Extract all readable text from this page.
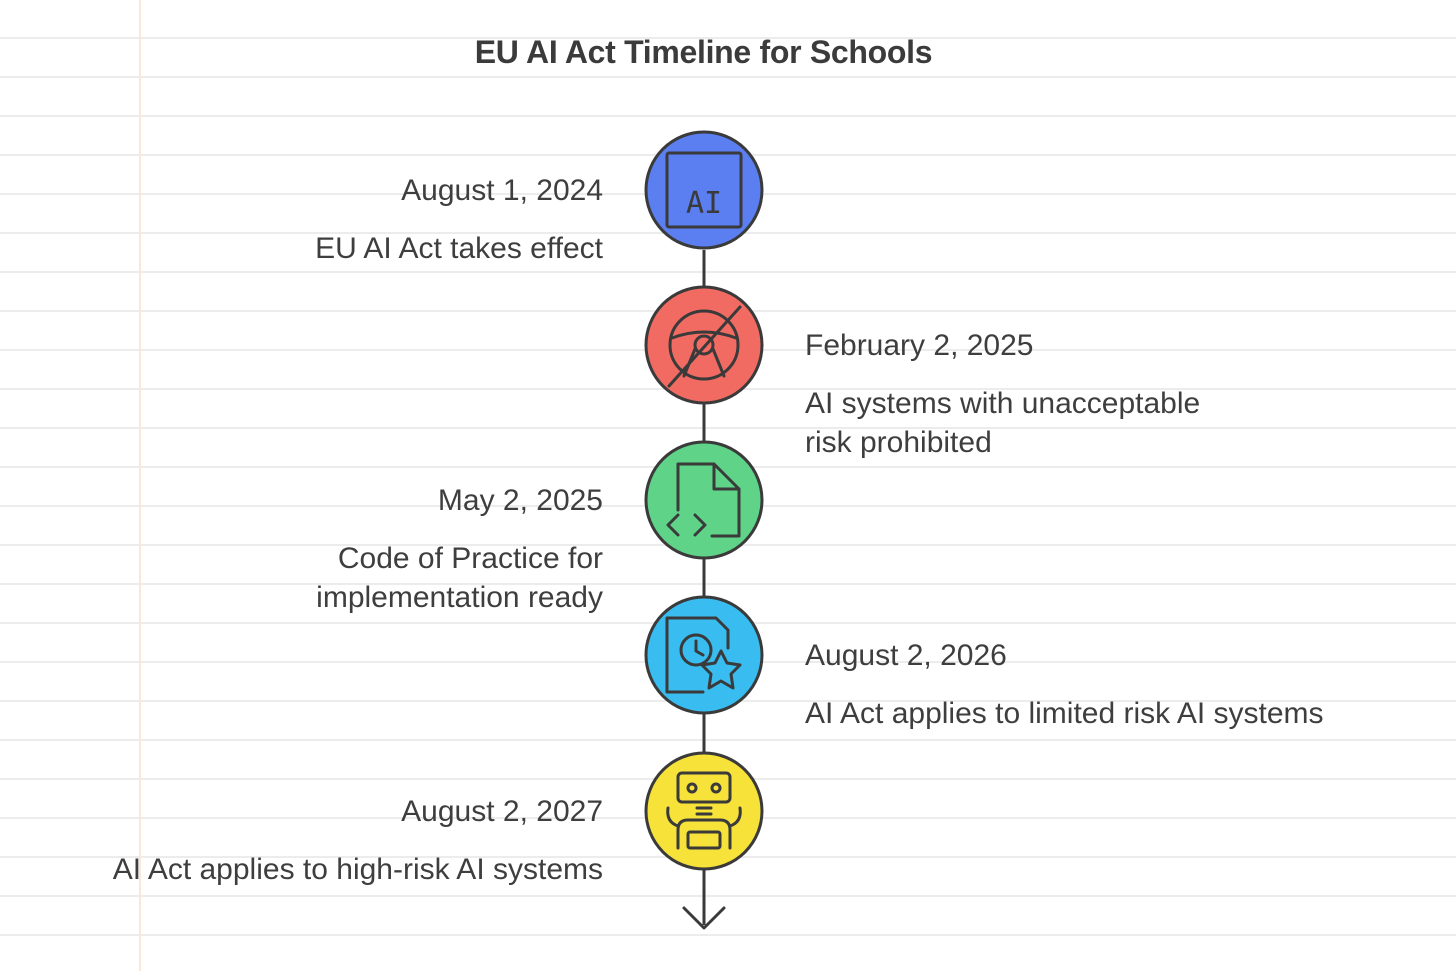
EU AI Act Timeline for Schools
AI
August 1, 2024
EU AI Act takes effect
February 2, 2025
AI systems with unacceptable
risk prohibited
May 2, 2025
Code of Practice for
implementation ready
August 2, 2026
AI Act applies to limited risk AI systems
August 2, 2027
AI Act applies to high-risk AI systems
